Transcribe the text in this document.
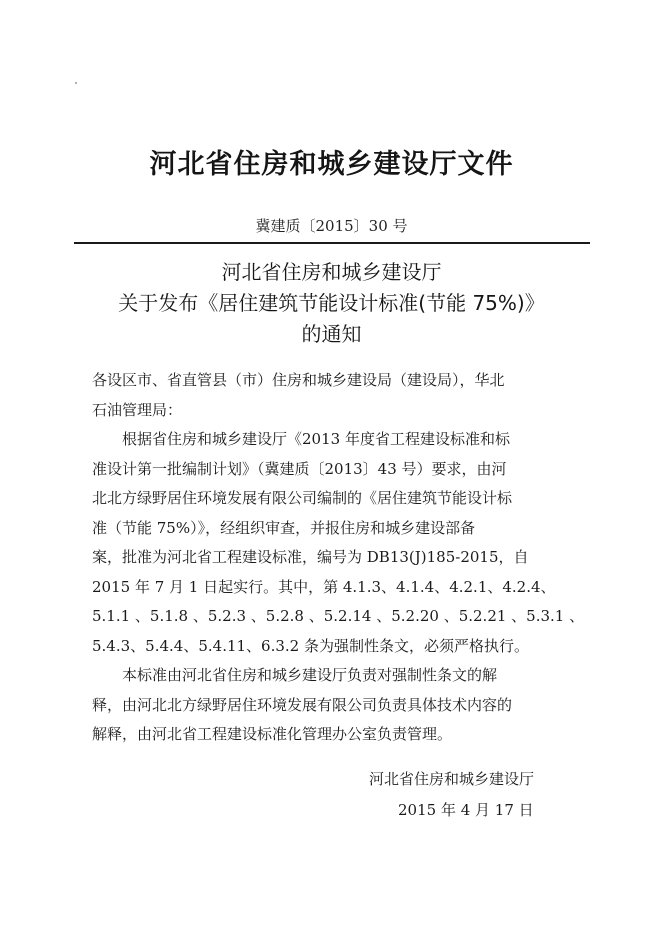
河北省住房和城乡建设厅文件
冀建质〔2015〕30 号
河北省住房和城乡建设厅
关于发布《居住建筑节能设计标准(节能 75%)》
的通知
各设区市、省直管县（市）住房和城乡建设局（建设局），华北
石油管理局：
根据省住房和城乡建设厅《2013 年度省工程建设标准和标
准设计第一批编制计划》（冀建质〔2013〕43 号）要求，由河
北北方绿野居住环境发展有限公司编制的《居住建筑节能设计标
准（节能 75%）》，经组织审查，并报住房和城乡建设部备
案，批准为河北省工程建设标准，编号为 DB13(J)185-2015，自
2015 年 7 月 1 日起实行。其中，第 4.1.3、4.1.4、4.2.1、4.2.4、
5.1.1 、5.1.8 、5.2.3 、5.2.8 、5.2.14 、5.2.20 、5.2.21 、5.3.1 、
5.4.3、5.4.4、5.4.11、6.3.2 条为强制性条文，必须严格执行。
本标准由河北省住房和城乡建设厅负责对强制性条文的解
释，由河北北方绿野居住环境发展有限公司负责具体技术内容的
解释，由河北省工程建设标准化管理办公室负责管理。
河北省住房和城乡建设厅
2015 年 4 月 17 日
